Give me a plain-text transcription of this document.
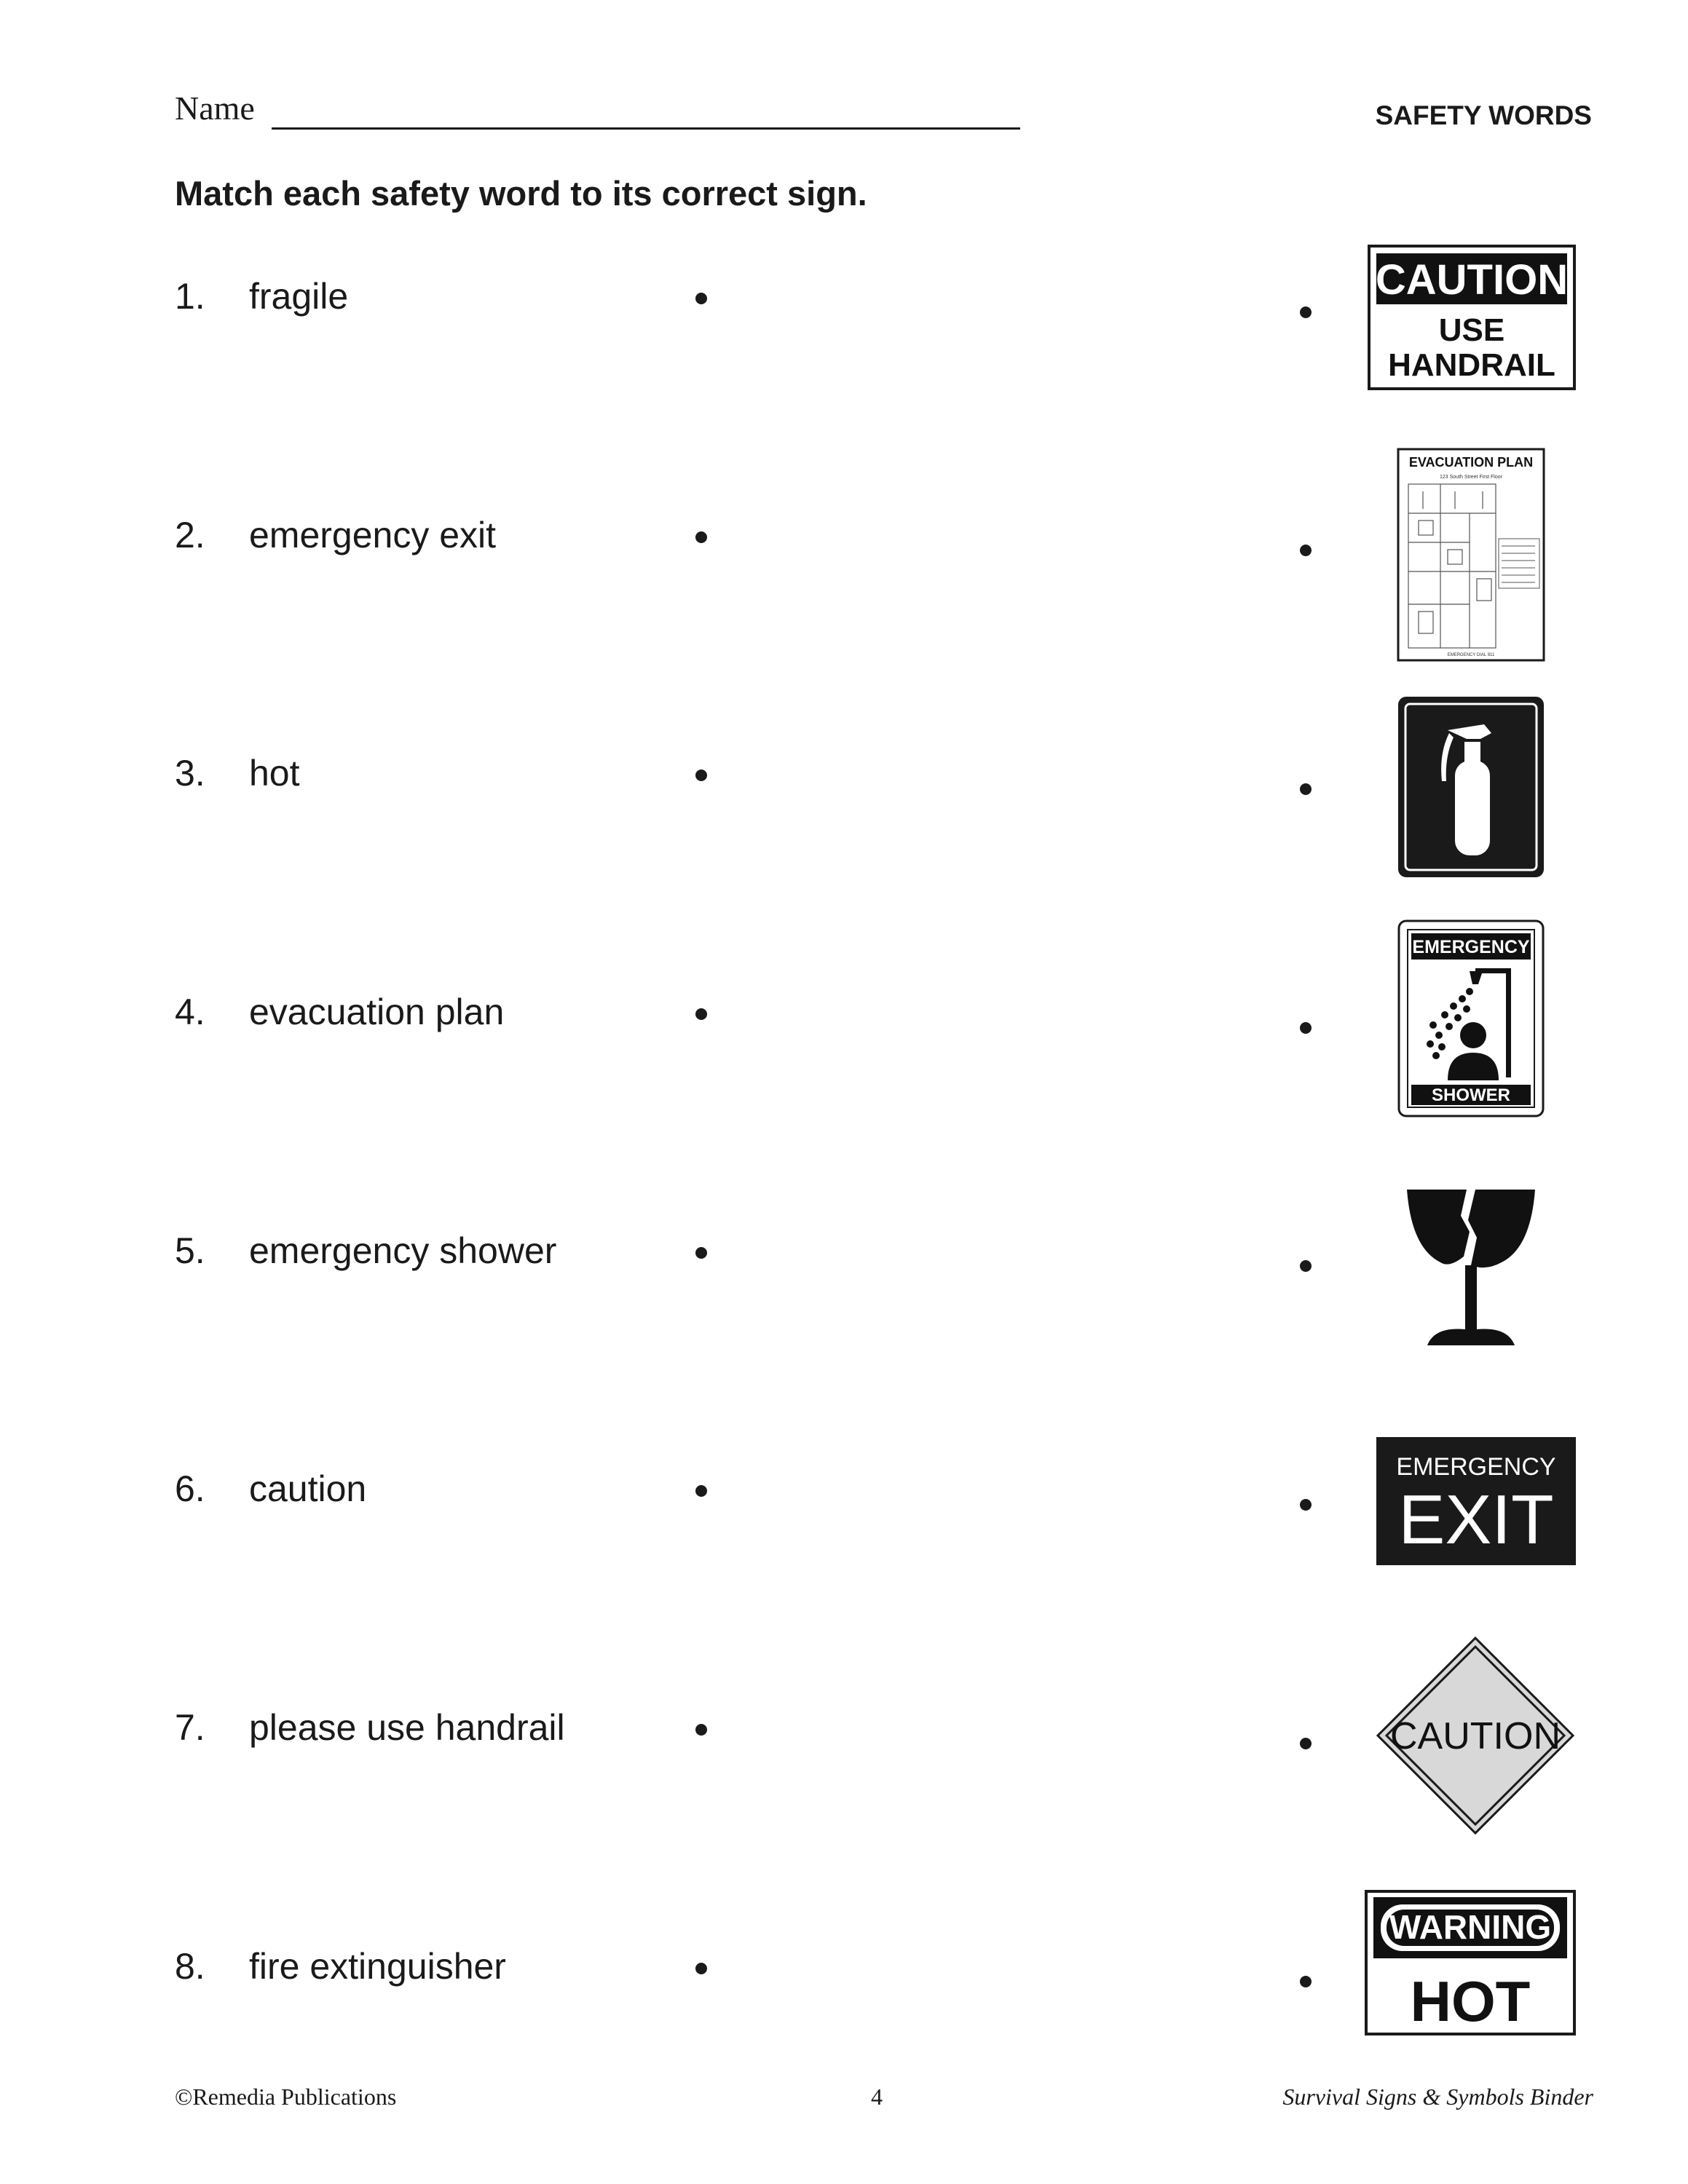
Name	SAFETY WORDS
Match each safety word to its correct sign.
1. fragile
2. emergency exit
3. hot
4. evacuation plan
5. emergency shower
6. caution
7. please use handrail
8. fire extinguisher
CAUTION
USE
HANDRAIL
EVACUATION PLAN
123 South Street First Floor
EMERGENCY DIAL 911
EMERGENCY
SHOWER
EMERGENCY
EXIT
CAUTION
WARNING
HOT
©Remedia Publications	4	Survival Signs & Symbols Binder
